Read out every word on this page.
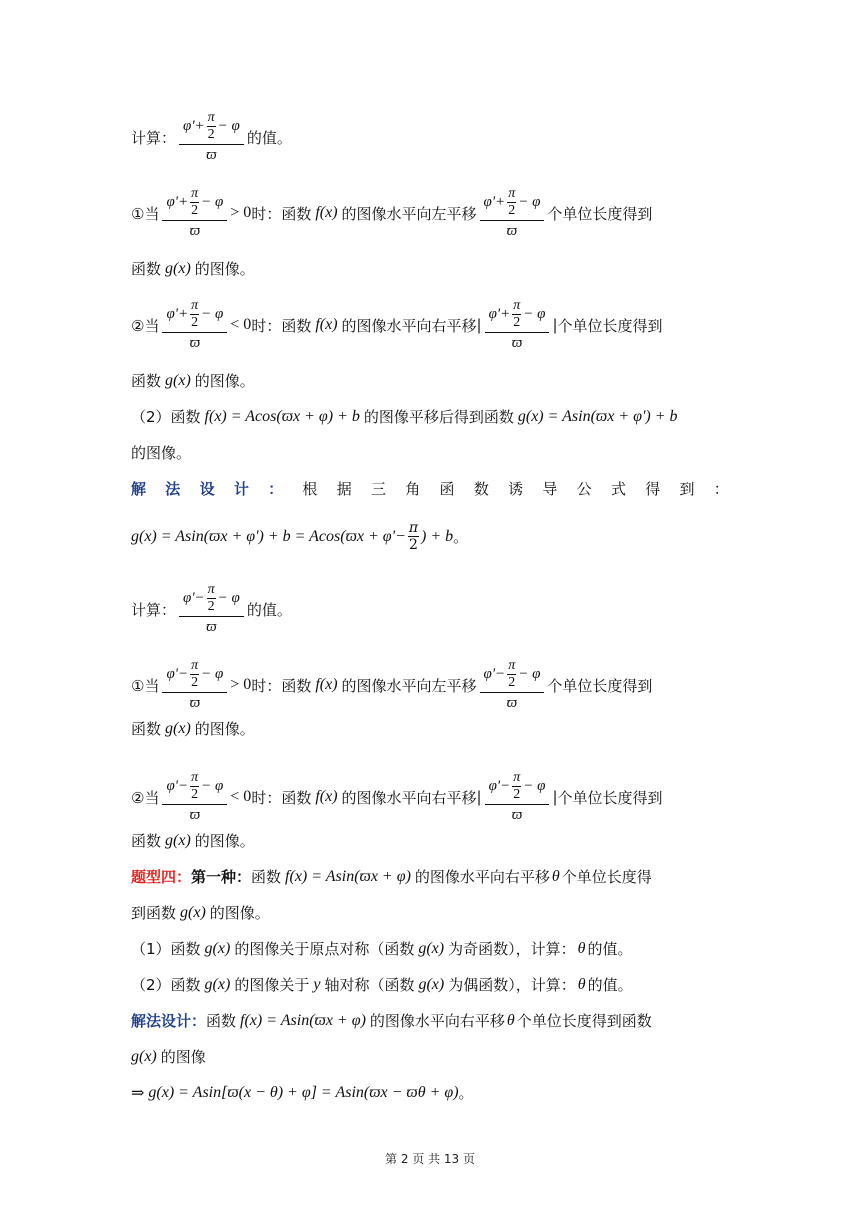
计算： $\frac{\varphi'+ \frac{\pi}{2} - \varphi}{ϖ}$ 的值。
①当 $\frac{\varphi'+ \frac{\pi}{2} - \varphi}{ϖ} > 0$ 时：函数 f(x) 的图像水平向左平移 $\frac{\varphi'+ \frac{\pi}{2} - \varphi}{ϖ}$ 个单位长度得到
函数 g(x) 的图像。
②当 $\frac{\varphi'+ \frac{\pi}{2} - \varphi}{ϖ} < 0$ 时：函数 f(x) 的图像水平向右平移 | $\frac{\varphi'+ \frac{\pi}{2} - \varphi}{ϖ}$ | 个单位长度得到
函数 g(x) 的图像。
（2）函数 f(x) = Acos(ϖx + φ) + b 的图像平移后得到函数 g(x) = Asin(ϖx + φ') + b
的图像。
解 法 设 计 ： 根 据 三 角 函 数 诱 导 公 式 得 到 ：
$g(x) = Asin(ϖx + \varphi') + b = Acos(ϖx + \varphi'- \frac{\pi}{2}$ ) + b 。
计算： $\frac{\varphi'- \frac{\pi}{2} - \varphi}{ϖ}$ 的值。
①当 $\frac{\varphi'- \frac{\pi}{2} - \varphi}{ϖ} > 0$ 时：函数 f(x) 的图像水平向左平移 $\frac{\varphi'- \frac{\pi}{2} - \varphi}{ϖ}$ 个单位长度得到
函数 g(x) 的图像。
②当 $\frac{\varphi'- \frac{\pi}{2} - \varphi}{ϖ} < 0$ 时：函数 f(x) 的图像水平向右平移 | $\frac{\varphi'- \frac{\pi}{2} - \varphi}{ϖ}$ | 个单位长度得到
函数 g(x) 的图像。
题型四： 第一种： 函数 f(x) = Asin(ϖx + φ) 的图像水平向右平移 θ 个单位长度得
到函数 g(x) 的图像。
（1）函数 g(x) 的图像关于原点对称（函数 g(x) 为奇函数），计算： θ 的值。
（2）函数 g(x) 的图像关于 y 轴对称（函数 g(x) 为偶函数），计算： θ 的值。
解法设计： 函数 f(x) = Asin(ϖx + φ) 的图像水平向右平移 θ 个单位长度得到函数
g(x) 的图像
⇒ g(x) = Asin[ϖ(x − θ) + φ] = Asin(ϖx − ϖθ + φ) 。
第 2 页 共 13 页
